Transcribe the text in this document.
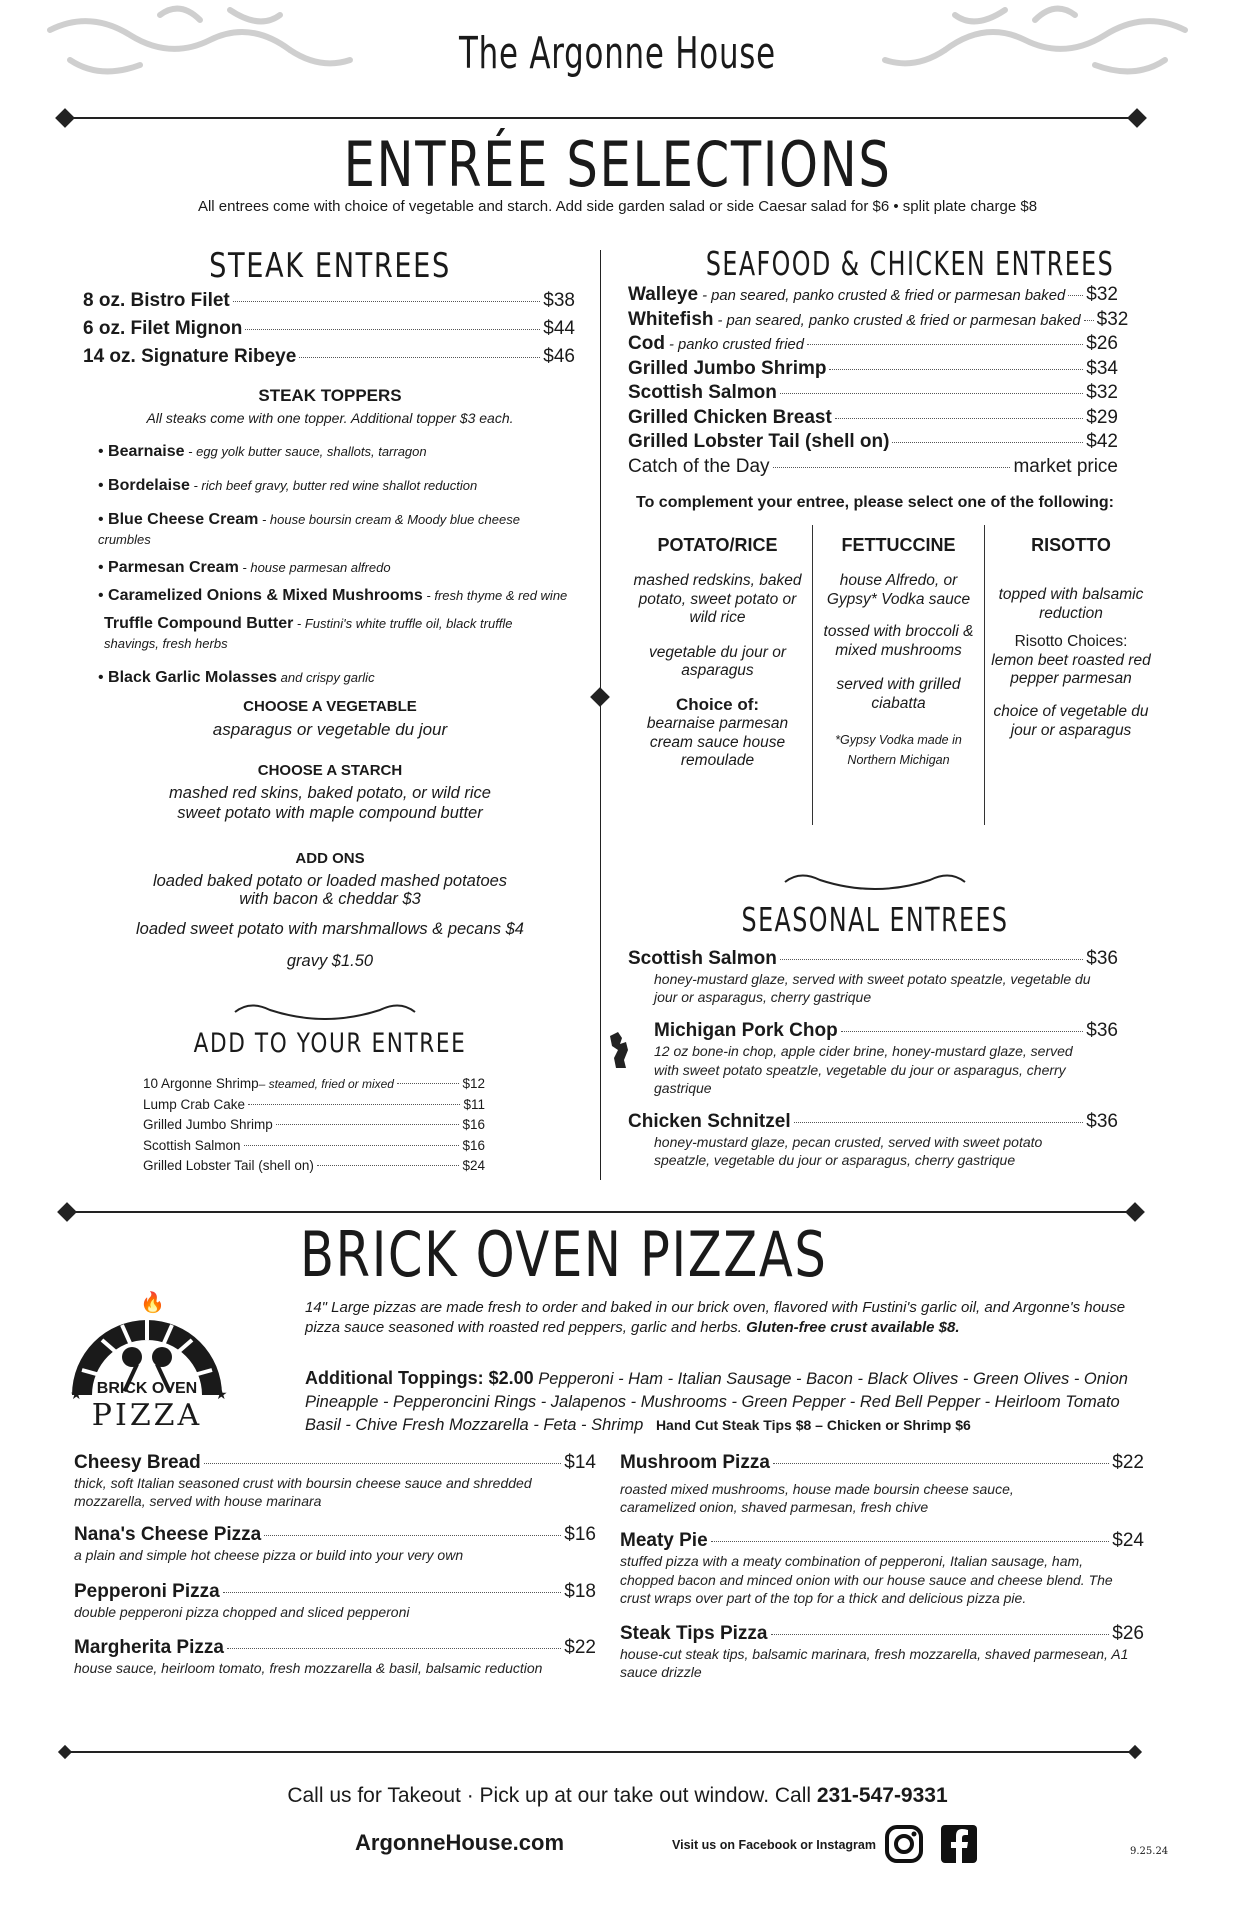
The Argonne House
ENTRÉE SELECTIONS
All entrees come with choice of vegetable and starch. Add side garden salad or side Caesar salad for $6 • split plate charge $8
STEAK ENTREES
8 oz. Bistro Filet	$38
6 oz. Filet Mignon	$44
14 oz. Signature Ribeye	$46
STEAK TOPPERS
All steaks come with one topper. Additional topper $3 each.
• Bearnaise - egg yolk butter sauce, shallots, tarragon
• Bordelaise - rich beef gravy, butter red wine shallot reduction
• Blue Cheese Cream - house boursin cream & Moody blue cheese crumbles
• Parmesan Cream - house parmesan alfredo
• Caramelized Onions & Mixed Mushrooms - fresh thyme & red wine
Truffle Compound Butter - Fustini's white truffle oil, black truffle shavings, fresh herbs
• Black Garlic Molasses and crispy garlic
CHOOSE A VEGETABLE
asparagus or vegetable du jour
CHOOSE A STARCH
mashed red skins, baked potato, or wild rice
sweet potato with maple compound butter
ADD ONS
loaded baked potato or loaded mashed potatoes
with bacon & cheddar $3
loaded sweet potato with marshmallows & pecans $4
gravy $1.50
ADD TO YOUR ENTREE
10 Argonne Shrimp – steamed, fried or mixed	$12
Lump Crab Cake	$11
Grilled Jumbo Shrimp	$16
Scottish Salmon	$16
Grilled Lobster Tail (shell on)	$24
SEAFOOD & CHICKEN ENTREES
Walleye - pan seared, panko crusted & fried or parmesan baked $32
Whitefish - pan seared, panko crusted & fried or parmesan baked $32
Cod - panko crusted fried	$26
Grilled Jumbo Shrimp	$34
Scottish Salmon	$32
Grilled Chicken Breast	$29
Grilled Lobster Tail (shell on)	$42
Catch of the Day	market price
To complement your entree, please select one of the following:
POTATO/RICE
mashed redskins, baked potato, sweet potato or wild rice
vegetable du jour or asparagus
Choice of:
bearnaise parmesan cream sauce house remoulade
FETTUCCINE
house Alfredo, or Gypsy* Vodka sauce
tossed with broccoli & mixed mushrooms
served with grilled ciabatta
*Gypsy Vodka made in Northern Michigan
RISOTTO
topped with balsamic reduction
Risotto Choices:
lemon beet roasted red pepper parmesan
choice of vegetable du jour or asparagus
SEASONAL ENTREES
Scottish Salmon	$36
honey-mustard glaze, served with sweet potato speatzle, vegetable du jour or asparagus, cherry gastrique
Michigan Pork Chop	$36
12 oz bone-in chop, apple cider brine, honey-mustard glaze, served with sweet potato speatzle, vegetable du jour or asparagus, cherry gastrique
Chicken Schnitzel	$36
honey-mustard glaze, pecan crusted, served with sweet potato speatzle, vegetable du jour or asparagus, cherry gastrique
BRICK OVEN PIZZAS
🔥
BRICK OVEN
PIZZA
★	★
14" Large pizzas are made fresh to order and baked in our brick oven, flavored with Fustini's garlic oil, and Argonne's house pizza sauce seasoned with roasted red peppers, garlic and herbs. Gluten-free crust available $8.
Additional Toppings: $2.00 Pepperoni - Ham - Italian Sausage - Bacon - Black Olives - Green Olives - Onion Pineapple - Pepperoncini Rings - Jalapenos - Mushrooms - Green Pepper - Red Bell Pepper - Heirloom Tomato Basil - Chive Fresh Mozzarella - Feta - Shrimp Hand Cut Steak Tips $8 – Chicken or Shrimp $6
Cheesy Bread	$14
thick, soft Italian seasoned crust with boursin cheese sauce and shredded mozzarella, served with house marinara
Nana's Cheese Pizza	$16
a plain and simple hot cheese pizza or build into your very own
Pepperoni Pizza	$18
double pepperoni pizza chopped and sliced pepperoni
Margherita Pizza	$22
house sauce, heirloom tomato, fresh mozzarella & basil, balsamic reduction
Mushroom Pizza	$22
roasted mixed mushrooms, house made boursin cheese sauce, caramelized onion, shaved parmesan, fresh chive
Meaty Pie	$24
stuffed pizza with a meaty combination of pepperoni, Italian sausage, ham, chopped bacon and minced onion with our house sauce and cheese blend. The crust wraps over part of the top for a thick and delicious pizza pie.
Steak Tips Pizza	$26
house-cut steak tips, balsamic marinara, fresh mozzarella, shaved parmesean, A1 sauce drizzle
Call us for Takeout · Pick up at our take out window. Call 231-547-9331
ArgonneHouse.com	Visit us on Facebook or Instagram	9.25.24
